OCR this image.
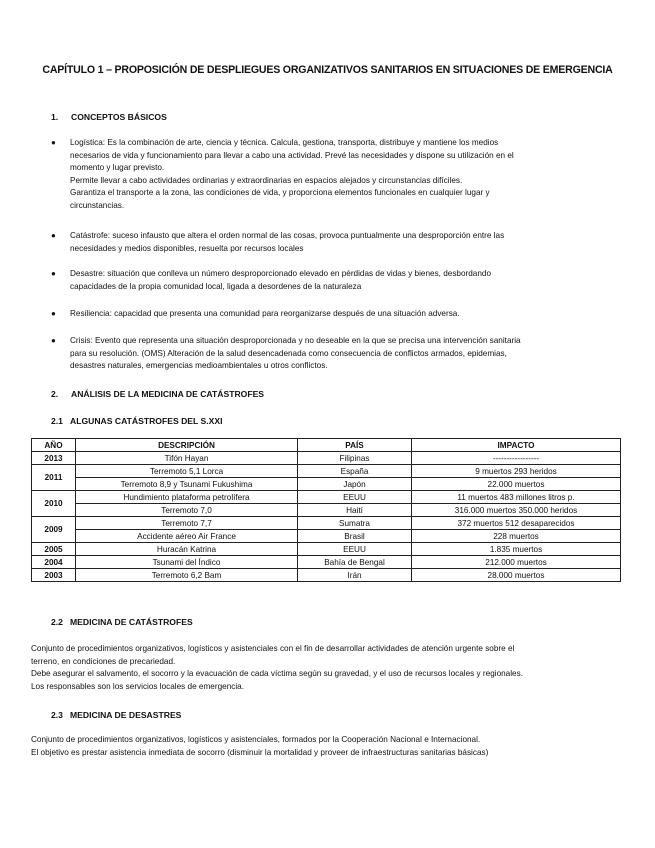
CAPÍTULO 1 – PROPOSICIÓN DE DESPLIEGUES ORGANIZATIVOS SANITARIOS EN SITUACIONES DE EMERGENCIA
1. CONCEPTOS BÁSICOS
● Logística: Es la combinación de arte, ciencia y técnica. Calcula, gestiona, transporta, distribuye y mantiene los medios
necesarios de vida y funcionamiento para llevar a cabo una actividad. Prevé las necesidades y dispone su utilización en el
momento y lugar previsto.
Permite llevar a cabo actividades ordinarias y extraordinarias en espacios alejados y circunstancias difíciles.
Garantiza el transporte a la zona, las condiciones de vida, y proporciona elementos funcionales en cualquier lugar y
circunstancias.
● Catástrofe: suceso infausto que altera el orden normal de las cosas, provoca puntualmente una desproporción entre las
necesidades y medios disponibles, resuelta por recursos locales
● Desastre: situación que conlleva un número desproporcionado elevado en pérdidas de vidas y bienes, desbordando
capacidades de la propia comunidad local, ligada a desordenes de la naturaleza
● Resiliencia: capacidad que presenta una comunidad para reorganizarse después de una situación adversa.
● Crisis: Evento que representa una situación desproporcionada y no deseable en la que se precisa una intervención sanitaria
para su resolución. (OMS) Alteración de la salud desencadenada como consecuencia de conflictos armados, epidemias,
desastres naturales, emergencias medioambientales u otros conflictos.
2. ANÁLISIS DE LA MEDICINA DE CATÁSTROFES
2.1 ALGUNAS CATÁSTROFES DEL S.XXI
AÑO	DESCRIPCIÓN	PAÍS	IMPACTO
2013	Tifón Hayan	Filipinas	-----------------
2011	Terremoto 5,1 Lorca	España	9 muertos 293 heridos
	Terremoto 8,9 y Tsunami Fukushima	Japón	22.000 muertos
2010	Hundimiento plataforma petrolífera	EEUU	11 muertos 483 millones litros p.
	Terremoto 7,0	Haití	316.000 muertos 350.000 heridos
2009	Terremoto 7,7	Sumatra	372 muertos 512 desaparecidos
	Accidente aéreo Air France	Brasil	228 muertos
2005	Huracán Katrina	EEUU	1.835 muertos
2004	Tsunami del Índico	Bahía de Bengal	212.000 muertos
2003	Terremoto 6,2 Bam	Irán	28.000 muertos
2.2 MEDICINA DE CATÁSTROFES
Conjunto de procedimientos organizativos, logísticos y asistenciales con el fin de desarrollar actividades de atención urgente sobre el
terreno, en condiciones de precariedad.
Debe asegurar el salvamento, el socorro y la evacuación de cada víctima según su gravedad, y el uso de recursos locales y regionales.
Los responsables son los servicios locales de emergencia.
2.3 MEDICINA DE DESASTRES
Conjunto de procedimientos organizativos, logísticos y asistenciales, formados por la Cooperación Nacional e Internacional.
El objetivo es prestar asistencia inmediata de socorro (disminuir la mortalidad y proveer de infraestructuras sanitarias básicas)
